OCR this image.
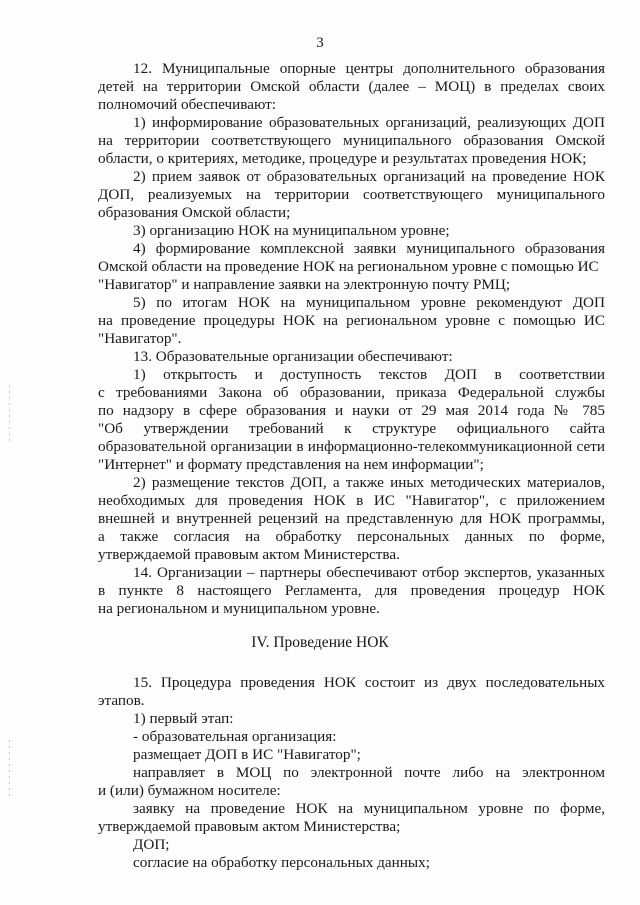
3
12. Муниципальные опорные центры дополнительного образования
детей на территории Омской области (далее – МОЦ) в пределах своих
полномочий обеспечивают:
1) информирование образовательных организаций, реализующих ДОП
на территории соответствующего муниципального образования Омской
области, о критериях, методике, процедуре и результатах проведения НОК;
2) прием заявок от образовательных организаций на проведение НОК
ДОП, реализуемых на территории соответствующего муниципального
образования Омской области;
3) организацию НОК на муниципальном уровне;
4) формирование комплексной заявки муниципального образования
Омской области на проведение НОК на региональном уровне с помощью ИС
"Навигатор" и направление заявки на электронную почту РМЦ;
5) по итогам НОК на муниципальном уровне рекомендуют ДОП
на проведение процедуры НОК на региональном уровне с помощью ИС
"Навигатор".
13. Образовательные организации обеспечивают:
1) открытость и доступность текстов ДОП в соответствии
с требованиями Закона об образовании, приказа Федеральной службы
по надзору в сфере образования и науки от 29 мая 2014 года № 785
"Об утверждении требований к структуре официального сайта
образовательной организации в информационно-телекоммуникационной сети
"Интернет" и формату представления на нем информации";
2) размещение текстов ДОП, а также иных методических материалов,
необходимых для проведения НОК в ИС "Навигатор", с приложением
внешней и внутренней рецензий на представленную для НОК программы,
а также согласия на обработку персональных данных по форме,
утверждаемой правовым актом Министерства.
14. Организации – партнеры обеспечивают отбор экспертов, указанных
в пункте 8 настоящего Регламента, для проведения процедур НОК
на региональном и муниципальном уровне.
IV. Проведение НОК
15. Процедура проведения НОК состоит из двух последовательных
этапов.
1) первый этап:
- образовательная организация:
размещает ДОП в ИС "Навигатор";
направляет в МОЦ по электронной почте либо на электронном
и (или) бумажном носителе:
заявку на проведение НОК на муниципальном уровне по форме,
утверждаемой правовым актом Министерства;
ДОП;
согласие на обработку персональных данных;
